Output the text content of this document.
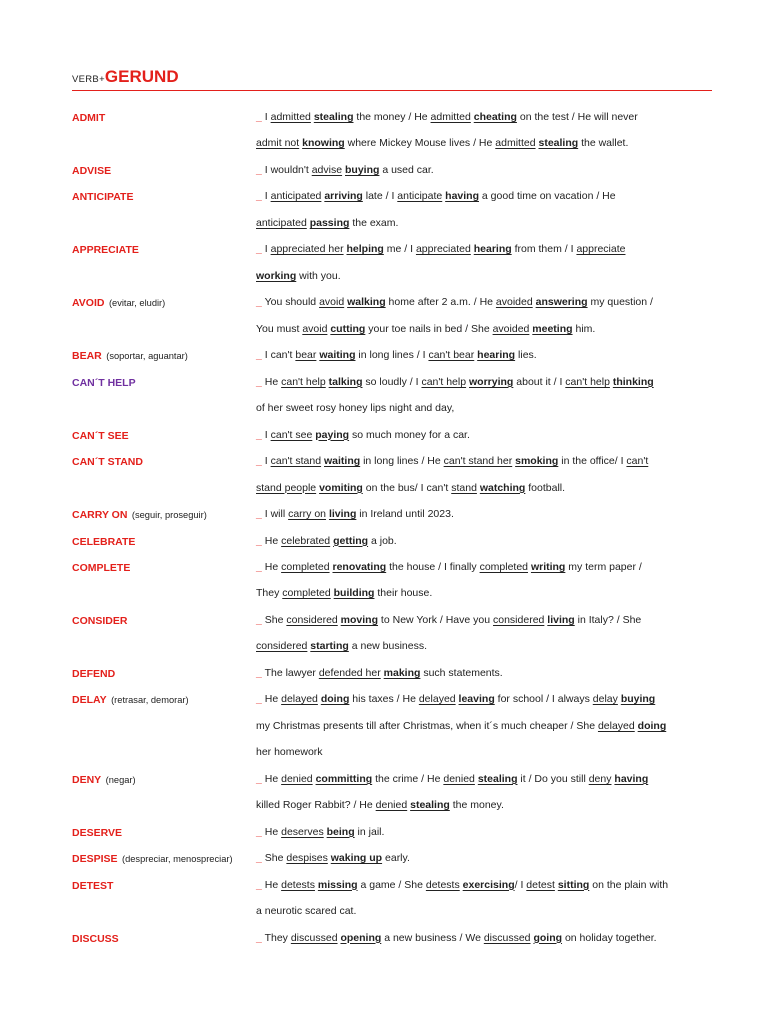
VERB+ GERUND
ADMIT	_ I admitted stealing the money / He admitted cheating on the test / He will never
admit not knowing where Mickey Mouse lives / He admitted stealing the wallet.
ADVISE	_ I wouldn't advise buying a used car.
ANTICIPATE	_ I anticipated arriving late / I anticipate having a good time on vacation / He
anticipated passing the exam.
APPRECIATE	_ I appreciated her helping me / I appreciated hearing from them / I appreciate
working with you.
AVOID (evitar, eludir)	_ You should avoid walking home after 2 a.m. / He avoided answering my question /
You must avoid cutting your toe nails in bed / She avoided meeting him.
BEAR (soportar, aguantar)	_ I can't bear waiting in long lines / I can't bear hearing lies.
CAN´T HELP	_ He can't help talking so loudly / I can't help worrying about it / I can't help thinking
of her sweet rosy honey lips night and day,
CAN´T SEE	_ I can't see paying so much money for a car.
CAN´T STAND	_ I can't stand waiting in long lines / He can't stand her smoking in the office/ I can't
stand people vomiting on the bus/ I can't stand watching football.
CARRY ON (seguir, proseguir)	_ I will carry on living in Ireland until 2023.
CELEBRATE	_ He celebrated getting a job.
COMPLETE	_ He completed renovating the house / I finally completed writing my term paper /
They completed building their house.
CONSIDER	_ She considered moving to New York / Have you considered living in Italy? / She
considered starting a new business.
DEFEND	_ The lawyer defended her making such statements.
DELAY (retrasar, demorar)	_ He delayed doing his taxes / He delayed leaving for school / I always delay buying
my Christmas presents till after Christmas, when it´s much cheaper / She delayed doing
her homework
DENY (negar)	_ He denied committing the crime / He denied stealing it / Do you still deny having
killed Roger Rabbit? / He denied stealing the money.
DESERVE	_ He deserves being in jail.
DESPISE (despreciar, menospreciar)	_ She despises waking up early.
DETEST	_ He detests missing a game / She detests exercising/ I detest sitting on the plain with
a neurotic scared cat.
DISCUSS	_ They discussed opening a new business / We discussed going on holiday together.
